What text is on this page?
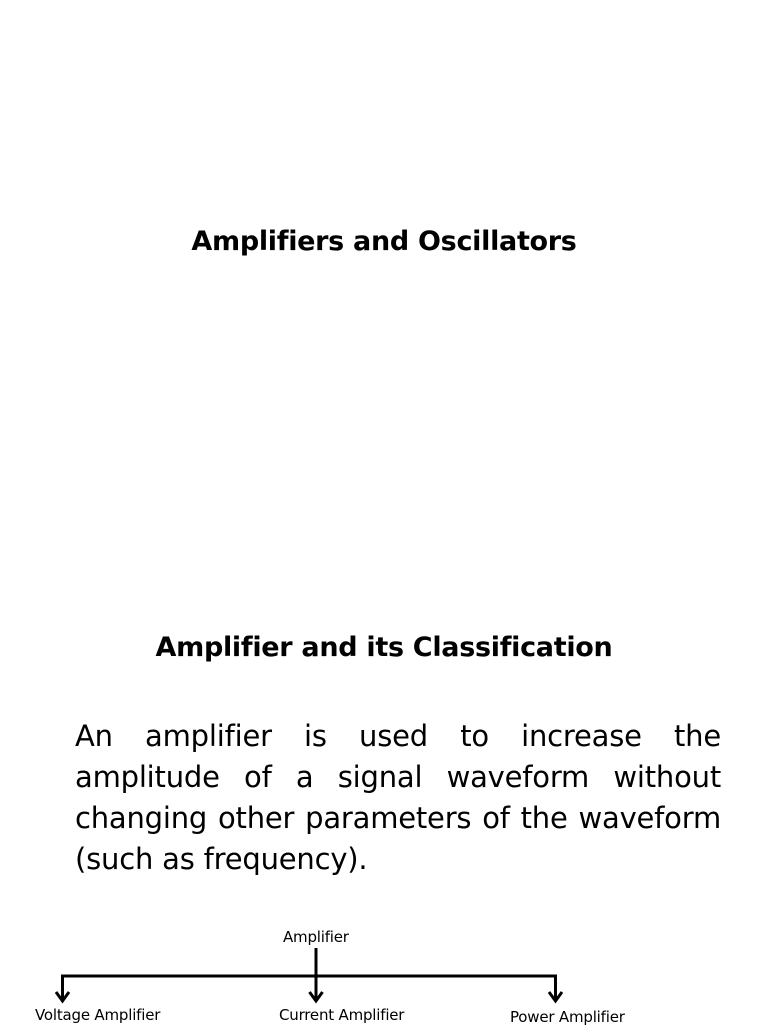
Amplifiers and Oscillators
Amplifier and its Classification
An amplifier is used to increase the amplitude of a signal waveform without changing other parameters of the waveform (such as frequency).
Amplifier
Voltage Amplifier	Current Amplifier	Power Amplifier
